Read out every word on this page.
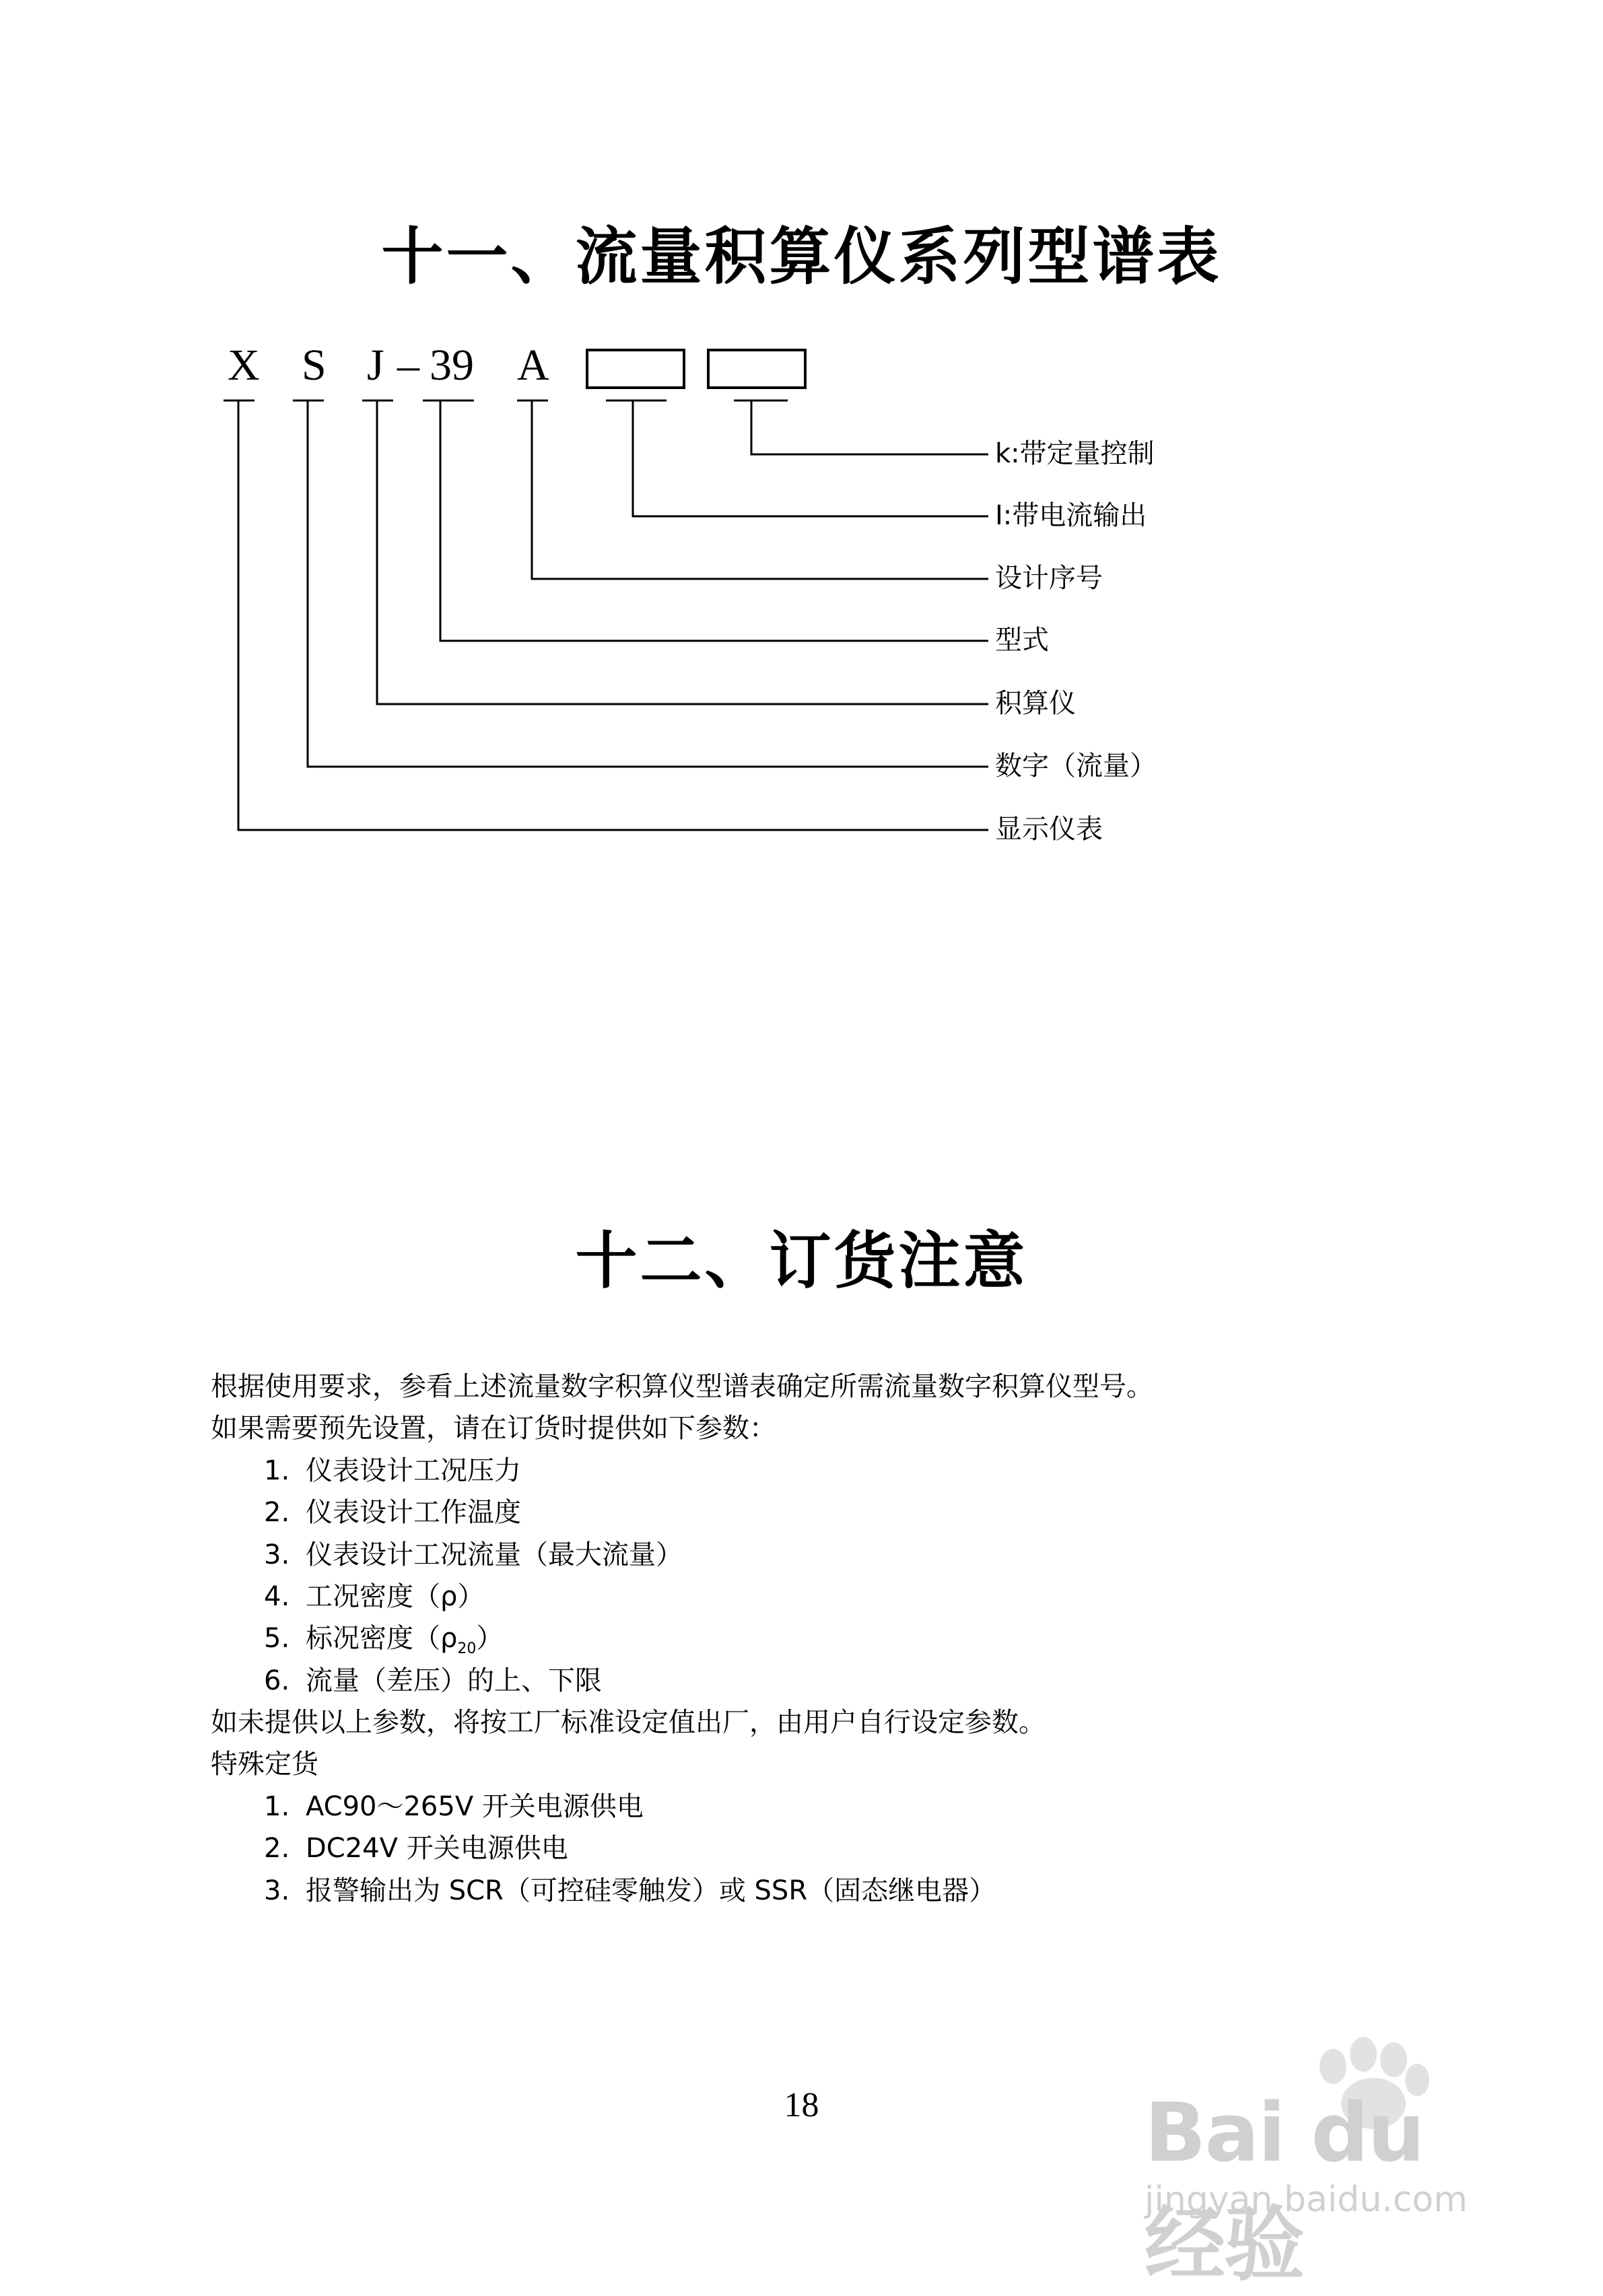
十一、流量积算仪系列型谱表
X S J – 39 A
k:带定量控制
I:带电流输出
设计序号
型式
积算仪
数字（流量）
显示仪表
十二、订货注意
根据使用要求，参看上述流量数字积算仪型谱表确定所需流量数字积算仪型号。
如果需要预先设置，请在订货时提供如下参数：
1. 仪表设计工况压力
2. 仪表设计工作温度
3. 仪表设计工况流量（最大流量）
4. 工况密度（ρ）
5. 标况密度$(\rho_{20})$
6. 流量（差压）的上、下限
如未提供以上参数，将按工厂标准设定值出厂，由用户自行设定参数。
特殊定货
1. AC90～265V 开关电源供电
2. DC24V 开关电源供电
3. 报警输出为 SCR（可控硅零触发）或 SSR（固态继电器）
18	Bai du 经验
jingyan.baidu.com
